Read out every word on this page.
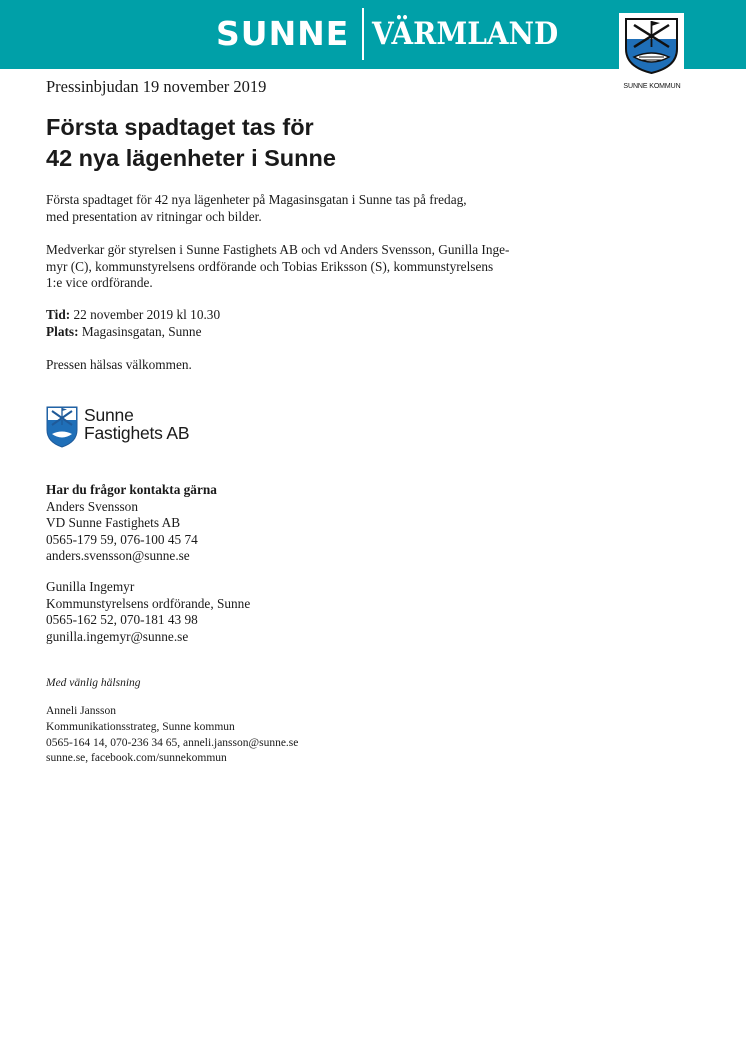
SUNNE VÄRMLAND
SUNNE KOMMUN
Pressinbjudan 19 november 2019
Första spadtaget tas för
42 nya lägenheter i Sunne
Första spadtaget för 42 nya lägenheter på Magasinsgatan i Sunne tas på fredag,
med presentation av ritningar och bilder.
Medverkar gör styrelsen i Sunne Fastighets AB och vd Anders Svensson, Gunilla Inge-
myr (C), kommunstyrelsens ordförande och Tobias Eriksson (S), kommunstyrelsens
1:e vice ordförande.
Tid: 22 november 2019 kl 10.30
Plats: Magasinsgatan, Sunne
Pressen hälsas välkommen.
Sunne
Fastighets AB
Har du frågor kontakta gärna
Anders Svensson
VD Sunne Fastighets AB
0565-179 59, 076-100 45 74
anders.svensson@sunne.se
Gunilla Ingemyr
Kommunstyrelsens ordförande, Sunne
0565-162 52, 070-181 43 98
gunilla.ingemyr@sunne.se
Med vänlig hälsning
Anneli Jansson
Kommunikationsstrateg, Sunne kommun
0565-164 14, 070-236 34 65, anneli.jansson@sunne.se
sunne.se, facebook.com/sunnekommun
